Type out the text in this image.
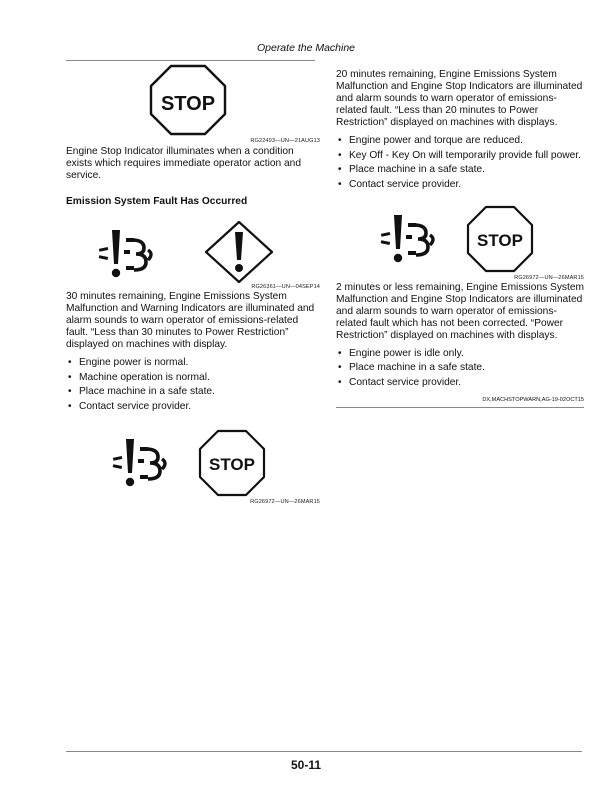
Operate the Machine
STOP
RG22493—UN—21AUG13

Engine Stop Indicator illuminates when a condition exists which requires immediate operator action and service.

Emission System Fault Has Occurred

RG26361—UN—04SEP14

30 minutes remaining, Engine Emissions System Malfunction and Warning Indicators are illuminated and alarm sounds to warn operator of emissions-related fault. “Less than 30 minutes to Power Restriction” displayed on machines with display.

• Engine power is normal.
• Machine operation is normal.
• Place machine in a safe state.
• Contact service provider.
STOP
RG26972—UN—26MAR15

20 minutes remaining, Engine Emissions System Malfunction and Engine Stop Indicators are illuminated and alarm sounds to warn operator of emissions-related fault. “Less than 20 minutes to Power Restriction” displayed on machines with displays.

• Engine power and torque are reduced.
• Key Off - Key On will temporarily provide full power.
• Place machine in a safe state.
• Contact service provider.
STOP
RG26972—UN—26MAR15

2 minutes or less remaining, Engine Emissions System Malfunction and Engine Stop Indicators are illuminated and alarm sounds to warn operator of emissions-related fault which has not been corrected. “Power Restriction” displayed on machines with displays.

• Engine power is idle only.
• Place machine in a safe state.
• Contact service provider.
DX,MACHSTOPWARN,AG-19-02OCT15
50-11
